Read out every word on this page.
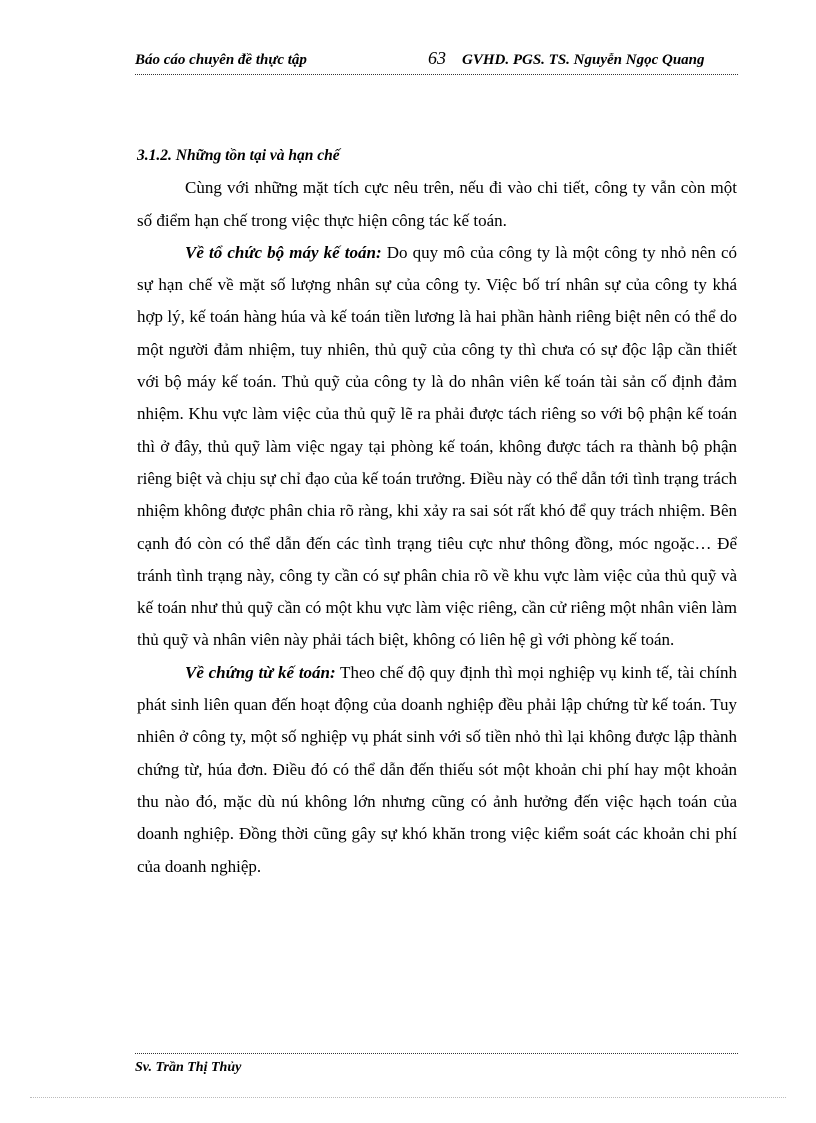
Báo cáo chuyên đề thực tập	63 GVHD. PGS. TS. Nguyễn Ngọc Quang

3.1.2. Những tồn tại và hạn chế

Cùng với những mặt tích cực nêu trên, nếu đi vào chi tiết, công ty vẫn còn một số điểm hạn chế trong việc thực hiện công tác kế toán.

Về tổ chức bộ máy kế toán: Do quy mô của công ty là một công ty nhỏ nên có sự hạn chế về mặt số lượng nhân sự của công ty. Việc bố trí nhân sự của công ty khá hợp lý, kế toán hàng húa và kế toán tiền lương là hai phần hành riêng biệt nên có thể do một người đảm nhiệm, tuy nhiên, thủ quỹ của công ty thì chưa có sự độc lập cần thiết với bộ máy kế toán. Thủ quỹ của công ty là do nhân viên kế toán tài sản cố định đảm nhiệm. Khu vực làm việc của thủ quỹ lẽ ra phải được tách riêng so với bộ phận kế toán thì ở đây, thủ quỹ làm việc ngay tại phòng kế toán, không được tách ra thành bộ phận riêng biệt và chịu sự chỉ đạo của kế toán trưởng. Điều này có thể dẫn tới tình trạng trách nhiệm không được phân chia rõ ràng, khi xảy ra sai sót rất khó để quy trách nhiệm. Bên cạnh đó còn có thể dẫn đến các tình trạng tiêu cực như thông đồng, móc ngoặc… Để tránh tình trạng này, công ty cần có sự phân chia rõ về khu vực làm việc của thủ quỹ và kế toán như thủ quỹ cần có một khu vực làm việc riêng, cần cử riêng một nhân viên làm thủ quỹ và nhân viên này phải tách biệt, không có liên hệ gì với phòng kế toán.

Về chứng từ kế toán: Theo chế độ quy định thì mọi nghiệp vụ kinh tế, tài chính phát sinh liên quan đến hoạt động của doanh nghiệp đều phải lập chứng từ kế toán. Tuy nhiên ở công ty, một số nghiệp vụ phát sinh với số tiền nhỏ thì lại không được lập thành chứng từ, húa đơn. Điều đó có thể dẫn đến thiếu sót một khoản chi phí hay một khoản thu nào đó, mặc dù nú không lớn nhưng cũng có ảnh hưởng đến việc hạch toán của doanh nghiệp. Đồng thời cũng gây sự khó khăn trong việc kiểm soát các khoản chi phí của doanh nghiệp.

Sv. Trần Thị Thủy
